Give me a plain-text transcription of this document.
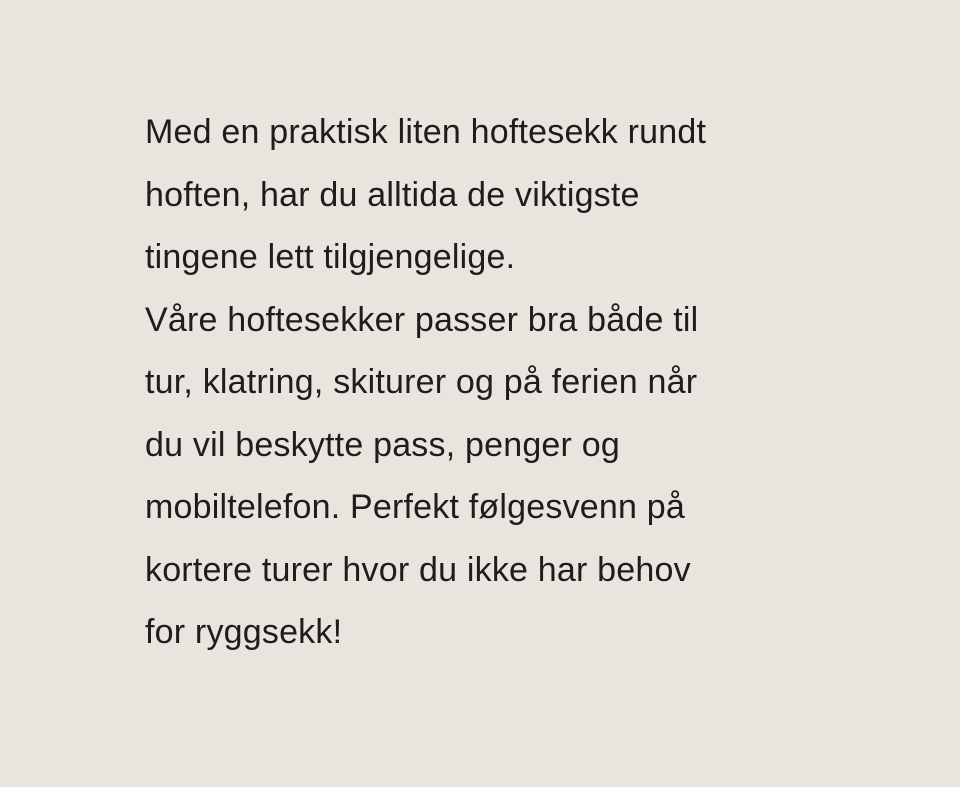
Med en praktisk liten hoftesekk rundt
hoften, har du alltida de viktigste
tingene lett tilgjengelige.
Våre hoftesekker passer bra både til
tur, klatring, skiturer og på ferien når
du vil beskytte pass, penger og
mobiltelefon. Perfekt følgesvenn på
kortere turer hvor du ikke har behov
for ryggsekk!
